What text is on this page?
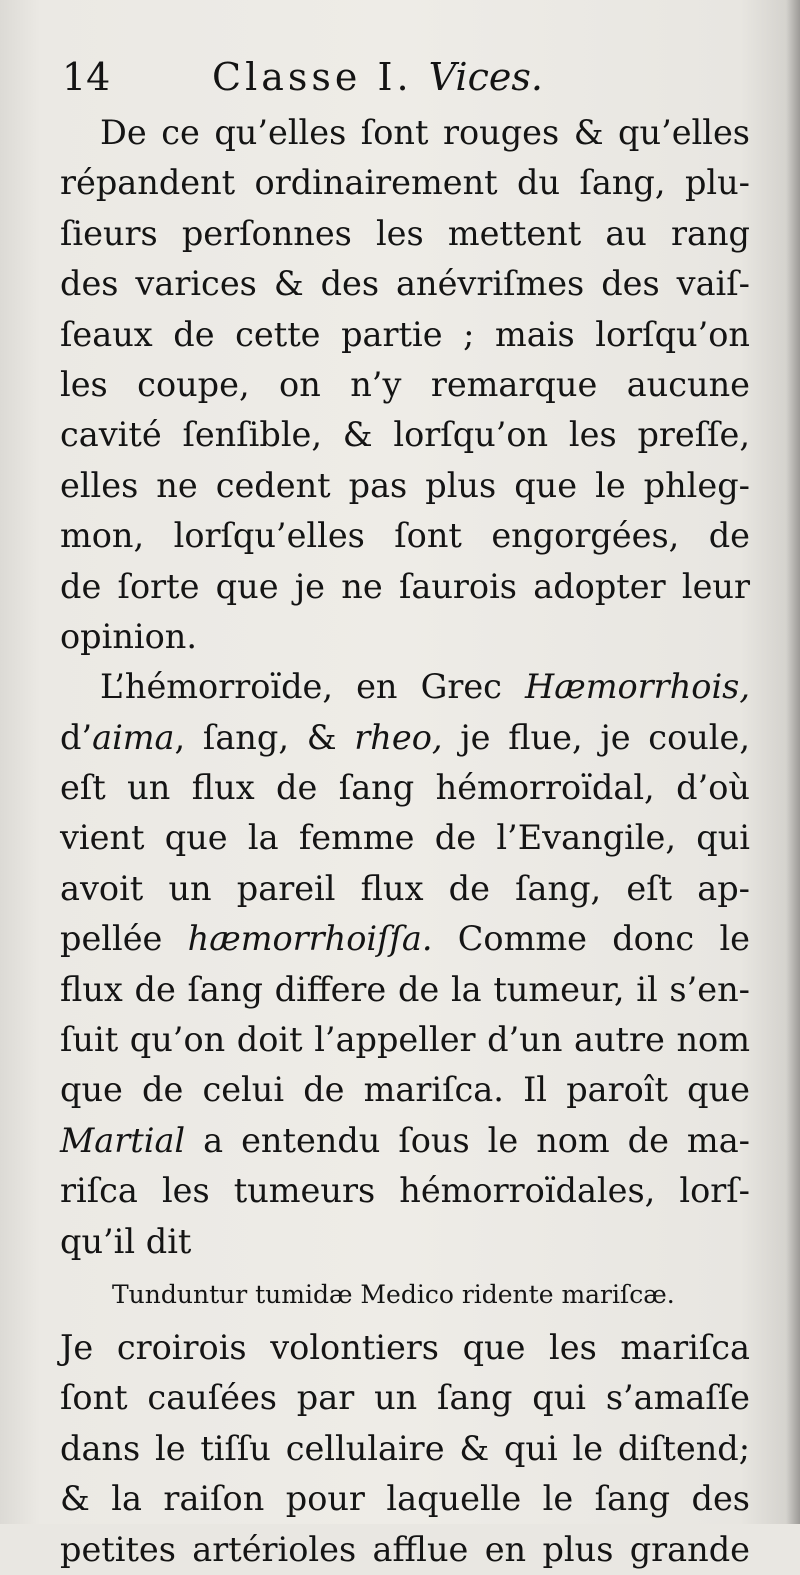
14	Classe I. Vices.
De ce qu’elles ſont rouges & qu’elles
répandent ordinairement du ſang, plu-
ſieurs perſonnes les mettent au rang
des varices & des anévriſmes des vaiſ-
ſeaux de cette partie ; mais lorſqu’on
les coupe, on n’y remarque aucune
cavité ſenſible, & lorſqu’on les preſſe,
elles ne cedent pas plus que le phleg-
mon, lorſqu’elles ſont engorgées, de
de ſorte que je ne ſaurois adopter leur
opinion.
L’hémorroïde, en Grec Hæmorrhois,
d’aima, ſang, & rheo, je flue, je coule,
eſt un flux de ſang hémorroïdal, d’où
vient que la femme de l’Evangile, qui
avoit un pareil flux de ſang, eſt ap-
pellée hæmorrhoiſſa. Comme donc le
flux de ſang differe de la tumeur, il s’en-
ſuit qu’on doit l’appeller d’un autre nom
que de celui de mariſca. Il paroît que
Martial a entendu ſous le nom de ma-
riſca les tumeurs hémorroïdales, lorſ-
qu’il dit
Tunduntur tumidæ Medico ridente mariſcæ.
Je croirois volontiers que les mariſca
ſont cauſées par un ſang qui s’amaſſe
dans le tiſſu cellulaire & qui le diſtend;
& la raiſon pour laquelle le ſang des
petites artérioles afflue en plus grande
